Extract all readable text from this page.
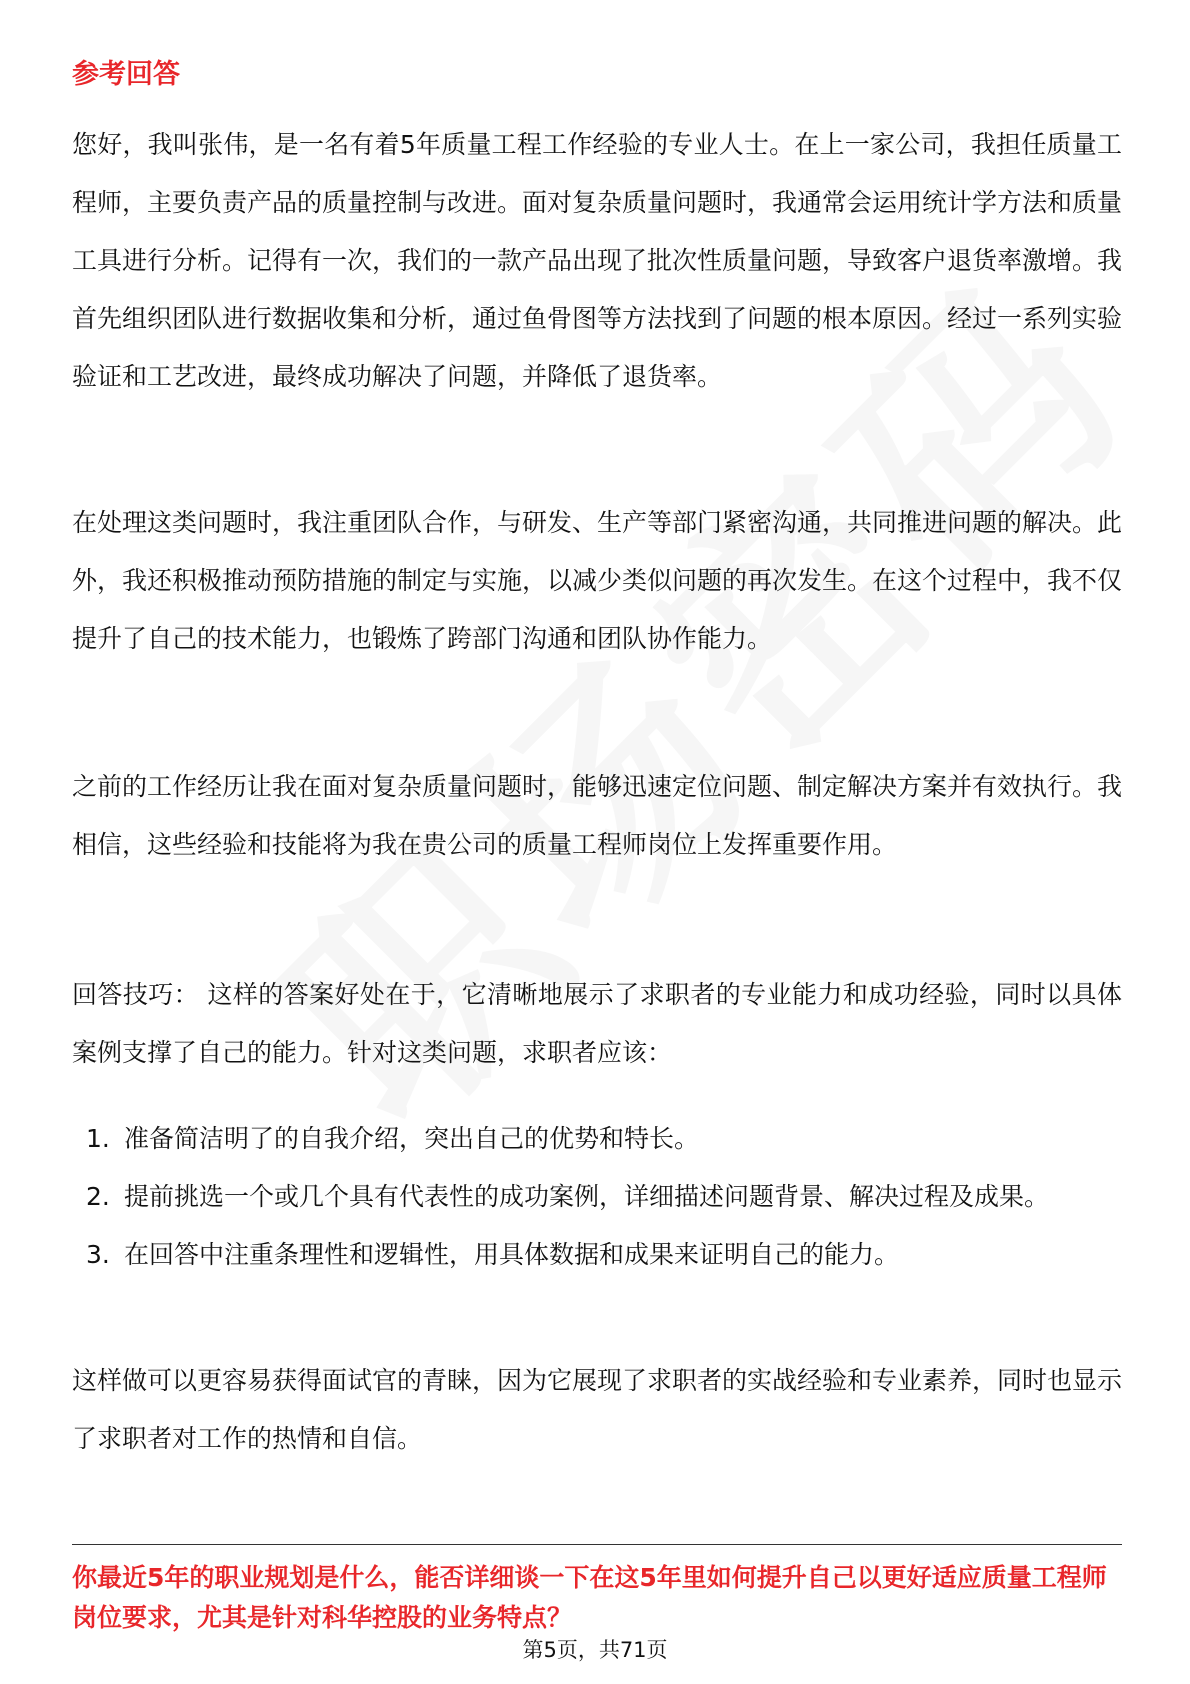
参考回答

您好，我叫张伟，是一名有着5年质量工程工作经验的专业人士。在上一家公司，我担任质量工程师，主要负责产品的质量控制与改进。面对复杂质量问题时，我通常会运用统计学方法和质量工具进行分析。记得有一次，我们的一款产品出现了批次性质量问题，导致客户退货率激增。我首先组织团队进行数据收集和分析，通过鱼骨图等方法找到了问题的根本原因。经过一系列实验验证和工艺改进，最终成功解决了问题，并降低了退货率。

在处理这类问题时，我注重团队合作，与研发、生产等部门紧密沟通，共同推进问题的解决。此外，我还积极推动预防措施的制定与实施，以减少类似问题的再次发生。在这个过程中，我不仅提升了自己的技术能力，也锻炼了跨部门沟通和团队协作能力。

之前的工作经历让我在面对复杂质量问题时，能够迅速定位问题、制定解决方案并有效执行。我相信，这些经验和技能将为我在贵公司的质量工程师岗位上发挥重要作用。

回答技巧： 这样的答案好处在于，它清晰地展示了求职者的专业能力和成功经验，同时以具体案例支撑了自己的能力。针对这类问题，求职者应该：

1. 准备简洁明了的自我介绍，突出自己的优势和特长。
2. 提前挑选一个或几个具有代表性的成功案例，详细描述问题背景、解决过程及成果。
3. 在回答中注重条理性和逻辑性，用具体数据和成果来证明自己的能力。

这样做可以更容易获得面试官的青睐，因为它展现了求职者的实战经验和专业素养，同时也显示了求职者对工作的热情和自信。

你最近5年的职业规划是什么，能否详细谈一下在这5年里如何提升自己以更好适应质量工程师岗位要求，尤其是针对科华控股的业务特点？

第5页，共71页
